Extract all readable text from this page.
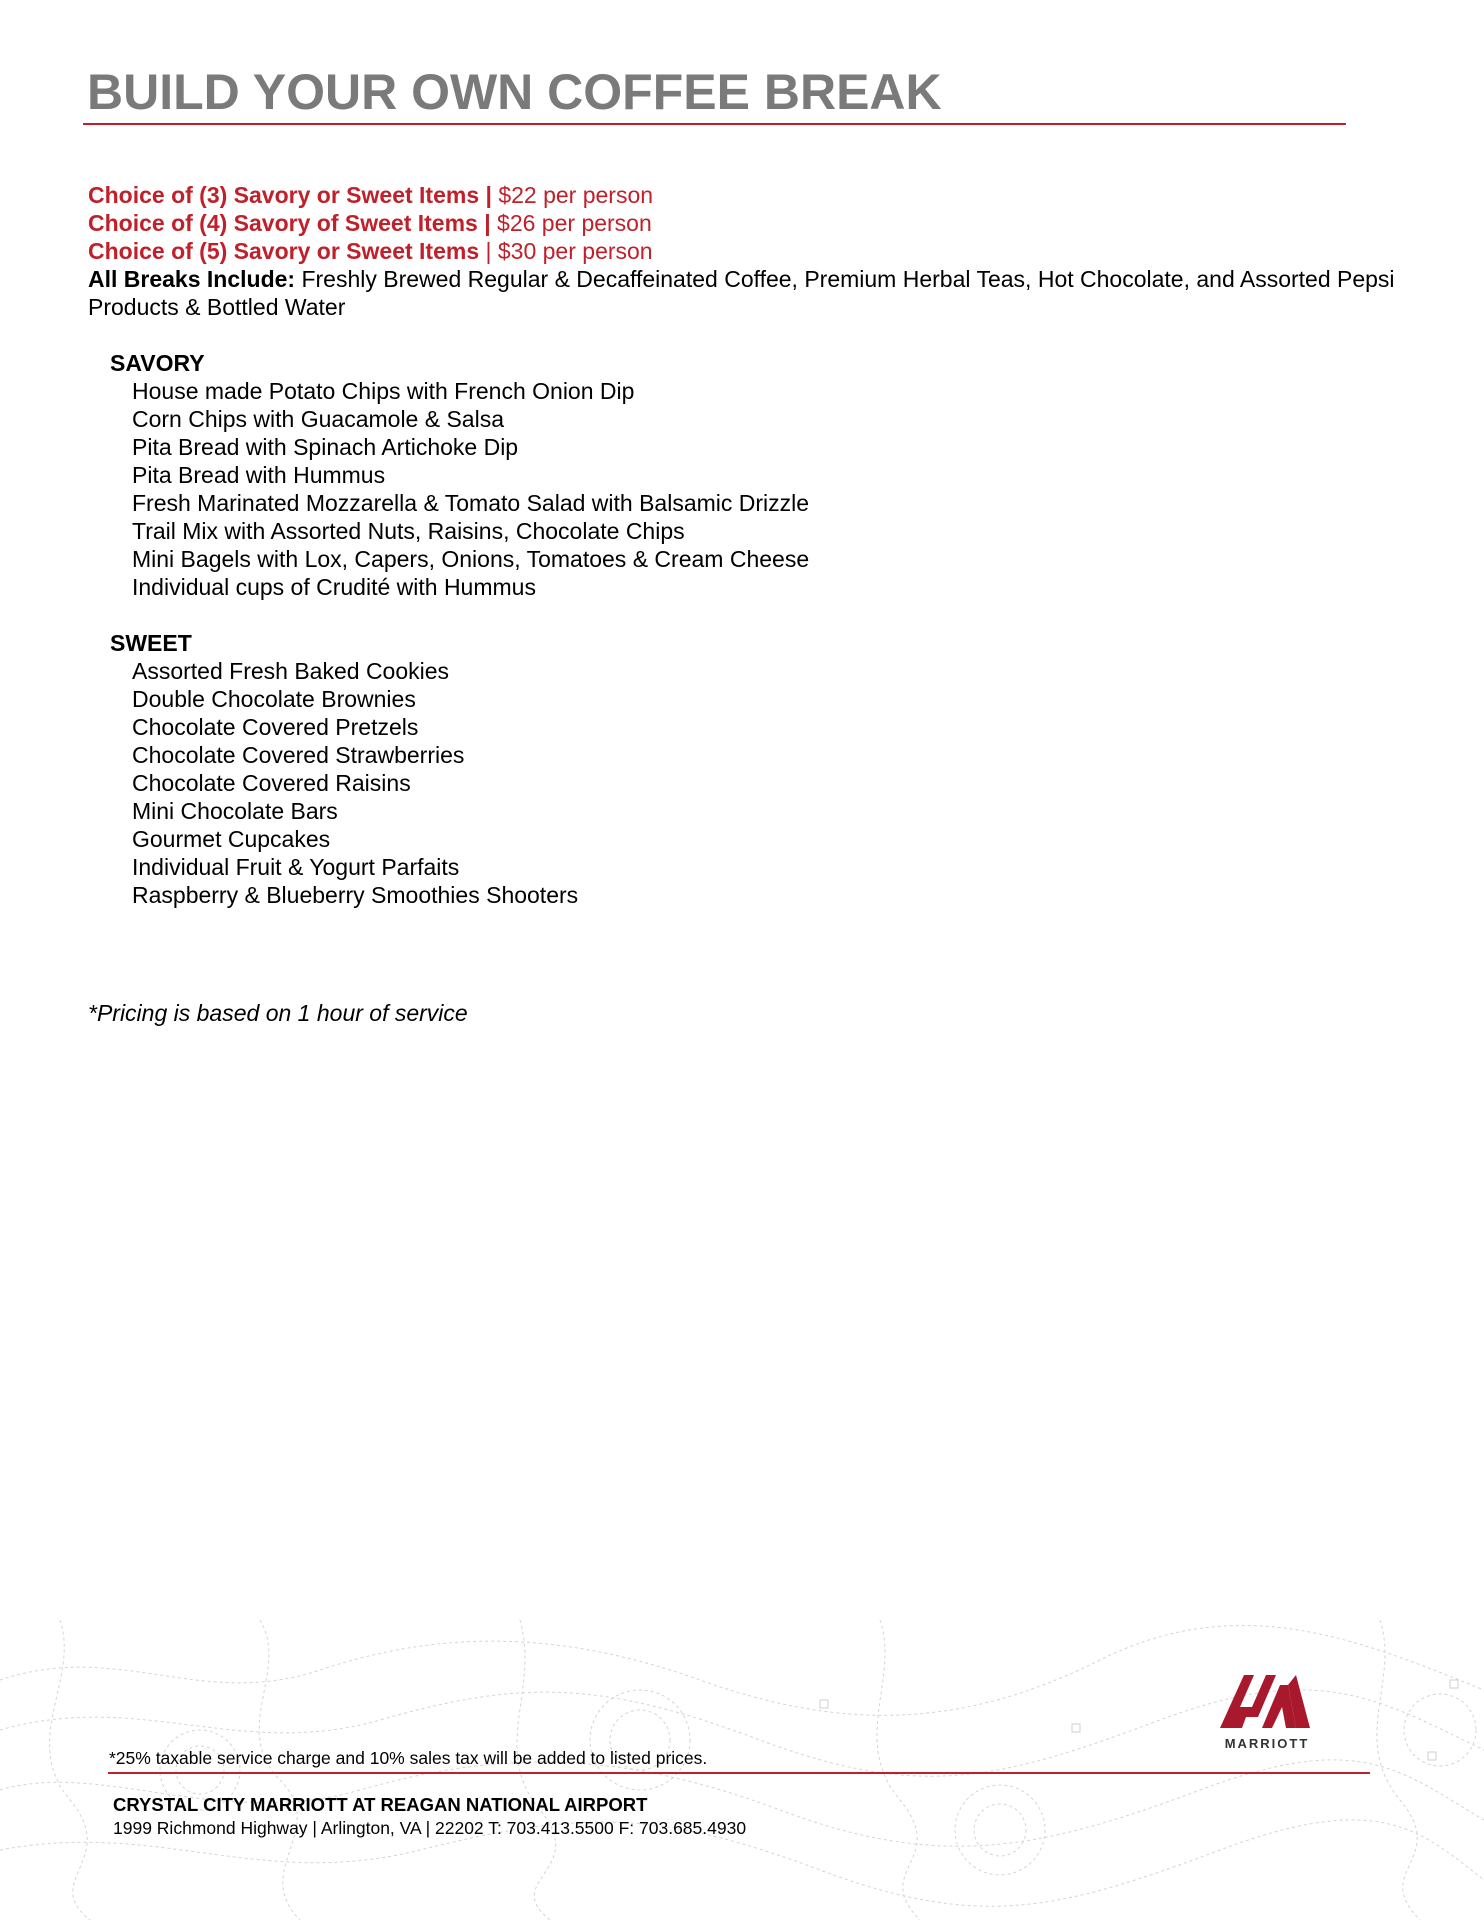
BUILD YOUR OWN COFFEE BREAK
Choice of (3) Savory or Sweet Items | $22 per person
Choice of (4) Savory of Sweet Items | $26 per person
Choice of (5) Savory or Sweet Items | $30 per person
All Breaks Include: Freshly Brewed Regular & Decaffeinated Coffee, Premium Herbal Teas, Hot Chocolate, and Assorted Pepsi Products & Bottled Water
SAVORY
House made Potato Chips with French Onion Dip
Corn Chips with Guacamole & Salsa
Pita Bread with Spinach Artichoke Dip
Pita Bread with Hummus
Fresh Marinated Mozzarella & Tomato Salad with Balsamic Drizzle
Trail Mix with Assorted Nuts, Raisins, Chocolate Chips
Mini Bagels with Lox, Capers, Onions, Tomatoes & Cream Cheese
Individual cups of Crudité with Hummus
SWEET
Assorted Fresh Baked Cookies
Double Chocolate Brownies
Chocolate Covered Pretzels
Chocolate Covered Strawberries
Chocolate Covered Raisins
Mini Chocolate Bars
Gourmet Cupcakes
Individual Fruit & Yogurt Parfaits
Raspberry & Blueberry Smoothies Shooters
*Pricing is based on 1 hour of service
MARRIOTT
*25% taxable service charge and 10% sales tax will be added to listed prices.
CRYSTAL CITY MARRIOTT AT REAGAN NATIONAL AIRPORT
1999 Richmond Highway | Arlington, VA | 22202 T: 703.413.5500 F: 703.685.4930
